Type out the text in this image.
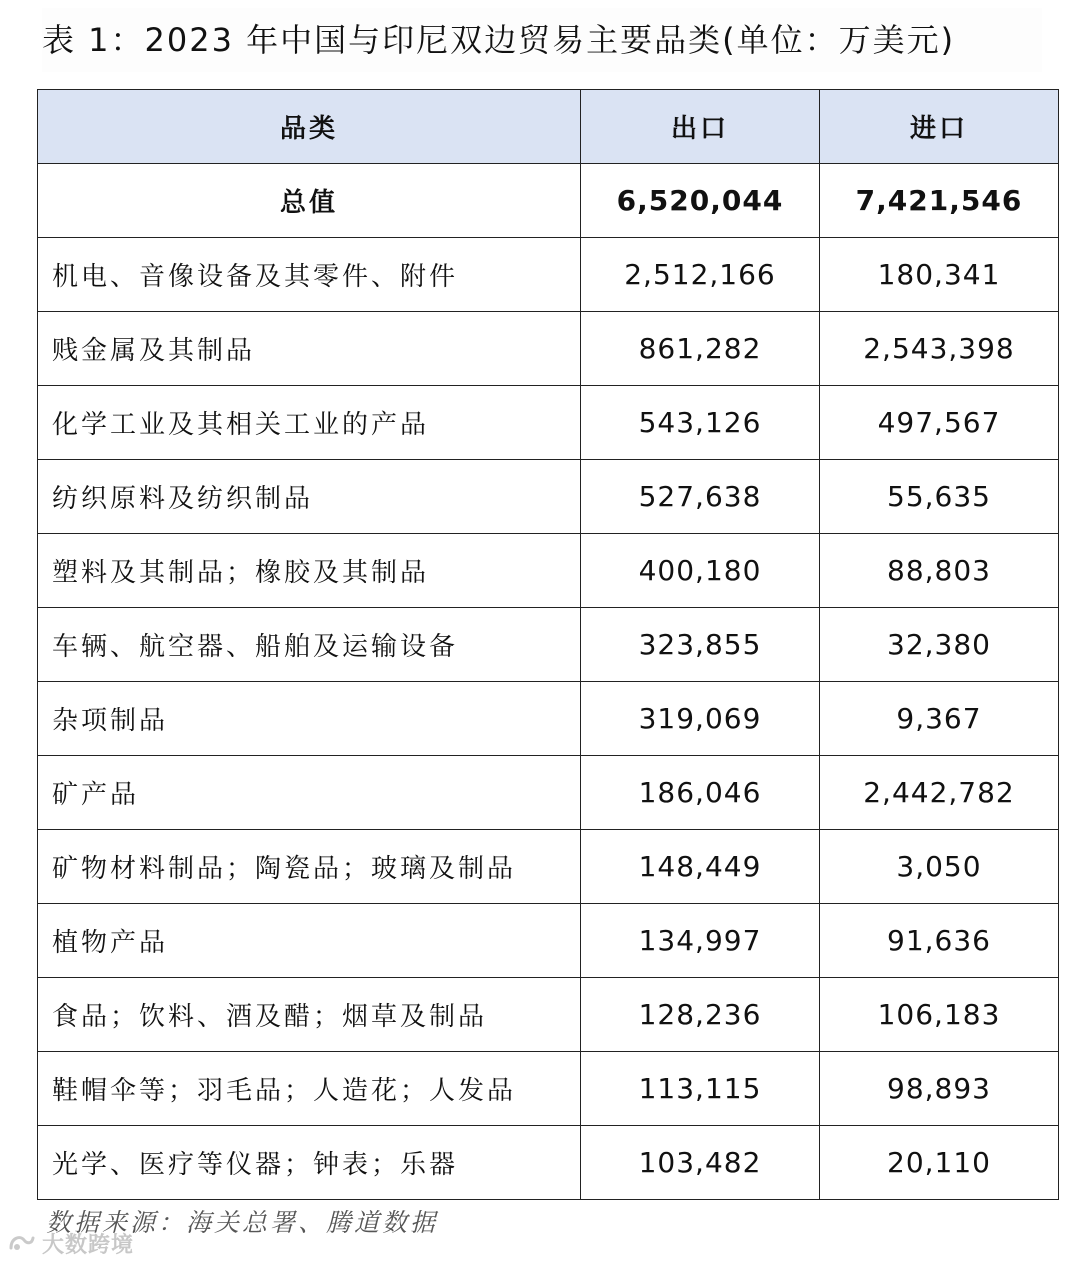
表 1：2023 年中国与印尼双边贸易主要品类(单位：万美元)
品类	出口	进口
总值	6,520,044	7,421,546
机电、音像设备及其零件、附件	2,512,166	180,341
贱金属及其制品	861,282	2,543,398
化学工业及其相关工业的产品	543,126	497,567
纺织原料及纺织制品	527,638	55,635
塑料及其制品；橡胶及其制品	400,180	88,803
车辆、航空器、船舶及运输设备	323,855	32,380
杂项制品	319,069	9,367
矿产品	186,046	2,442,782
矿物材料制品；陶瓷品；玻璃及制品	148,449	3,050
植物产品	134,997	91,636
食品；饮料、酒及醋；烟草及制品	128,236	106,183
鞋帽伞等；羽毛品；人造花；人发品	113,115	98,893
光学、医疗等仪器；钟表；乐器	103,482	20,110
数据来源：海关总署、腾道数据
大数跨境
